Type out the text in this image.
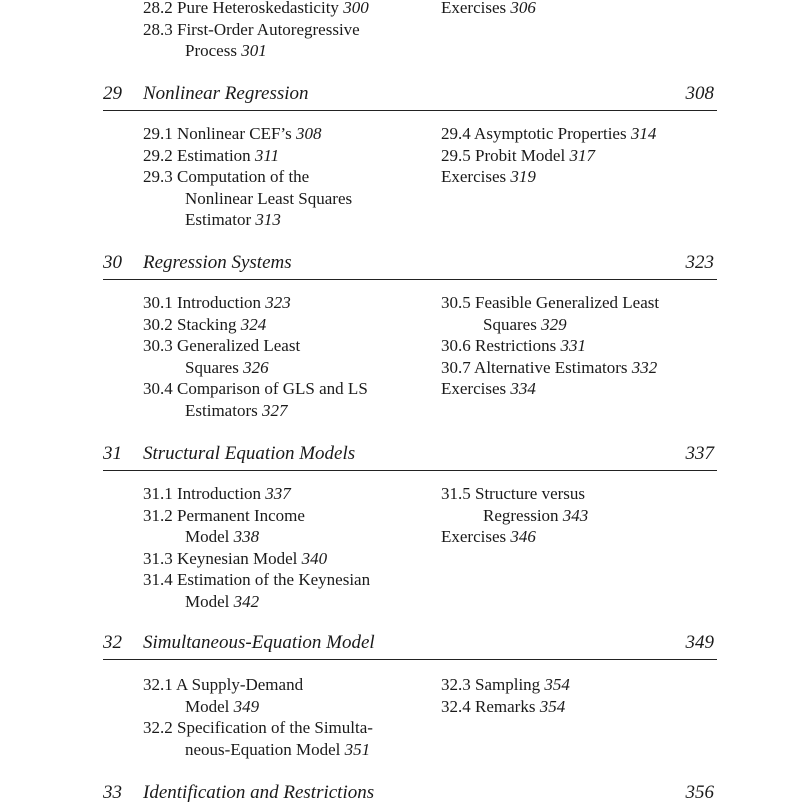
28.2 Pure Heteroskedasticity 300
28.3 First-Order Autoregressive
Process 301
Exercises 306
29 Nonlinear Regression	308
29.1 Nonlinear CEF’s 308
29.2 Estimation 311
29.3 Computation of the
Nonlinear Least Squares
Estimator 313
29.4 Asymptotic Properties 314
29.5 Probit Model 317
Exercises 319
30 Regression Systems	323
30.1 Introduction 323
30.2 Stacking 324
30.3 Generalized Least
Squares 326
30.4 Comparison of GLS and LS
Estimators 327
30.5 Feasible Generalized Least
Squares 329
30.6 Restrictions 331
30.7 Alternative Estimators 332
Exercises 334
31 Structural Equation Models	337
31.1 Introduction 337
31.2 Permanent Income
Model 338
31.3 Keynesian Model 340
31.4 Estimation of the Keynesian
Model 342
31.5 Structure versus
Regression 343
Exercises 346
32 Simultaneous-Equation Model	349
32.1 A Supply-Demand
Model 349
32.2 Specification of the Simulta-
neous-Equation Model 351
32.3 Sampling 354
32.4 Remarks 354
33 Identification and Restrictions	356
